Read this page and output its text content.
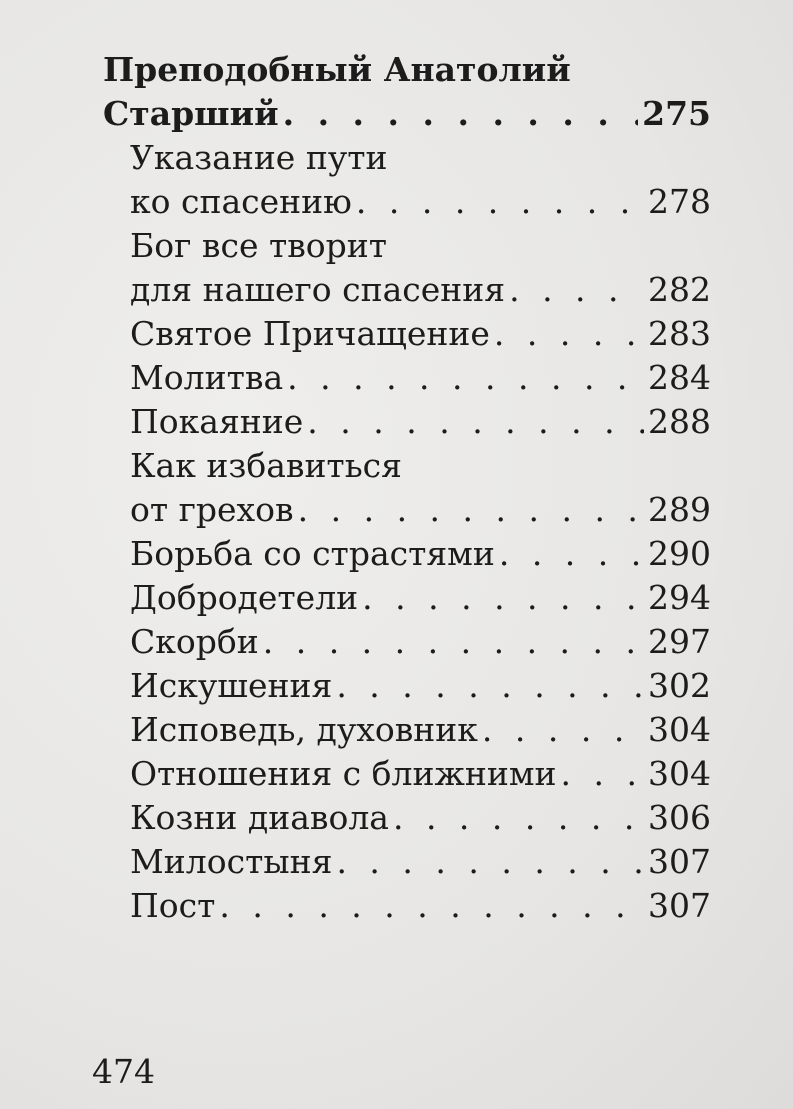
Преподобный Анатолий
Старший . . .	275
Указание пути
ко спасению . . .	278
Бог все творит
для нашего спасения . . .	282
Святое Причащение . . .	283
Молитва . . .	284
Покаяние . . .	288
Как избавиться
от грехов . . .	289
Борьба со страстями . . .	290
Добродетели . . .	294
Скорби . . .	297
Искушения . . .	302
Исповедь, духовник . . .	304
Отношения с ближними . . .	304
Козни диавола . . .	306
Милостыня . . .	307
Пост . . .	307
474
